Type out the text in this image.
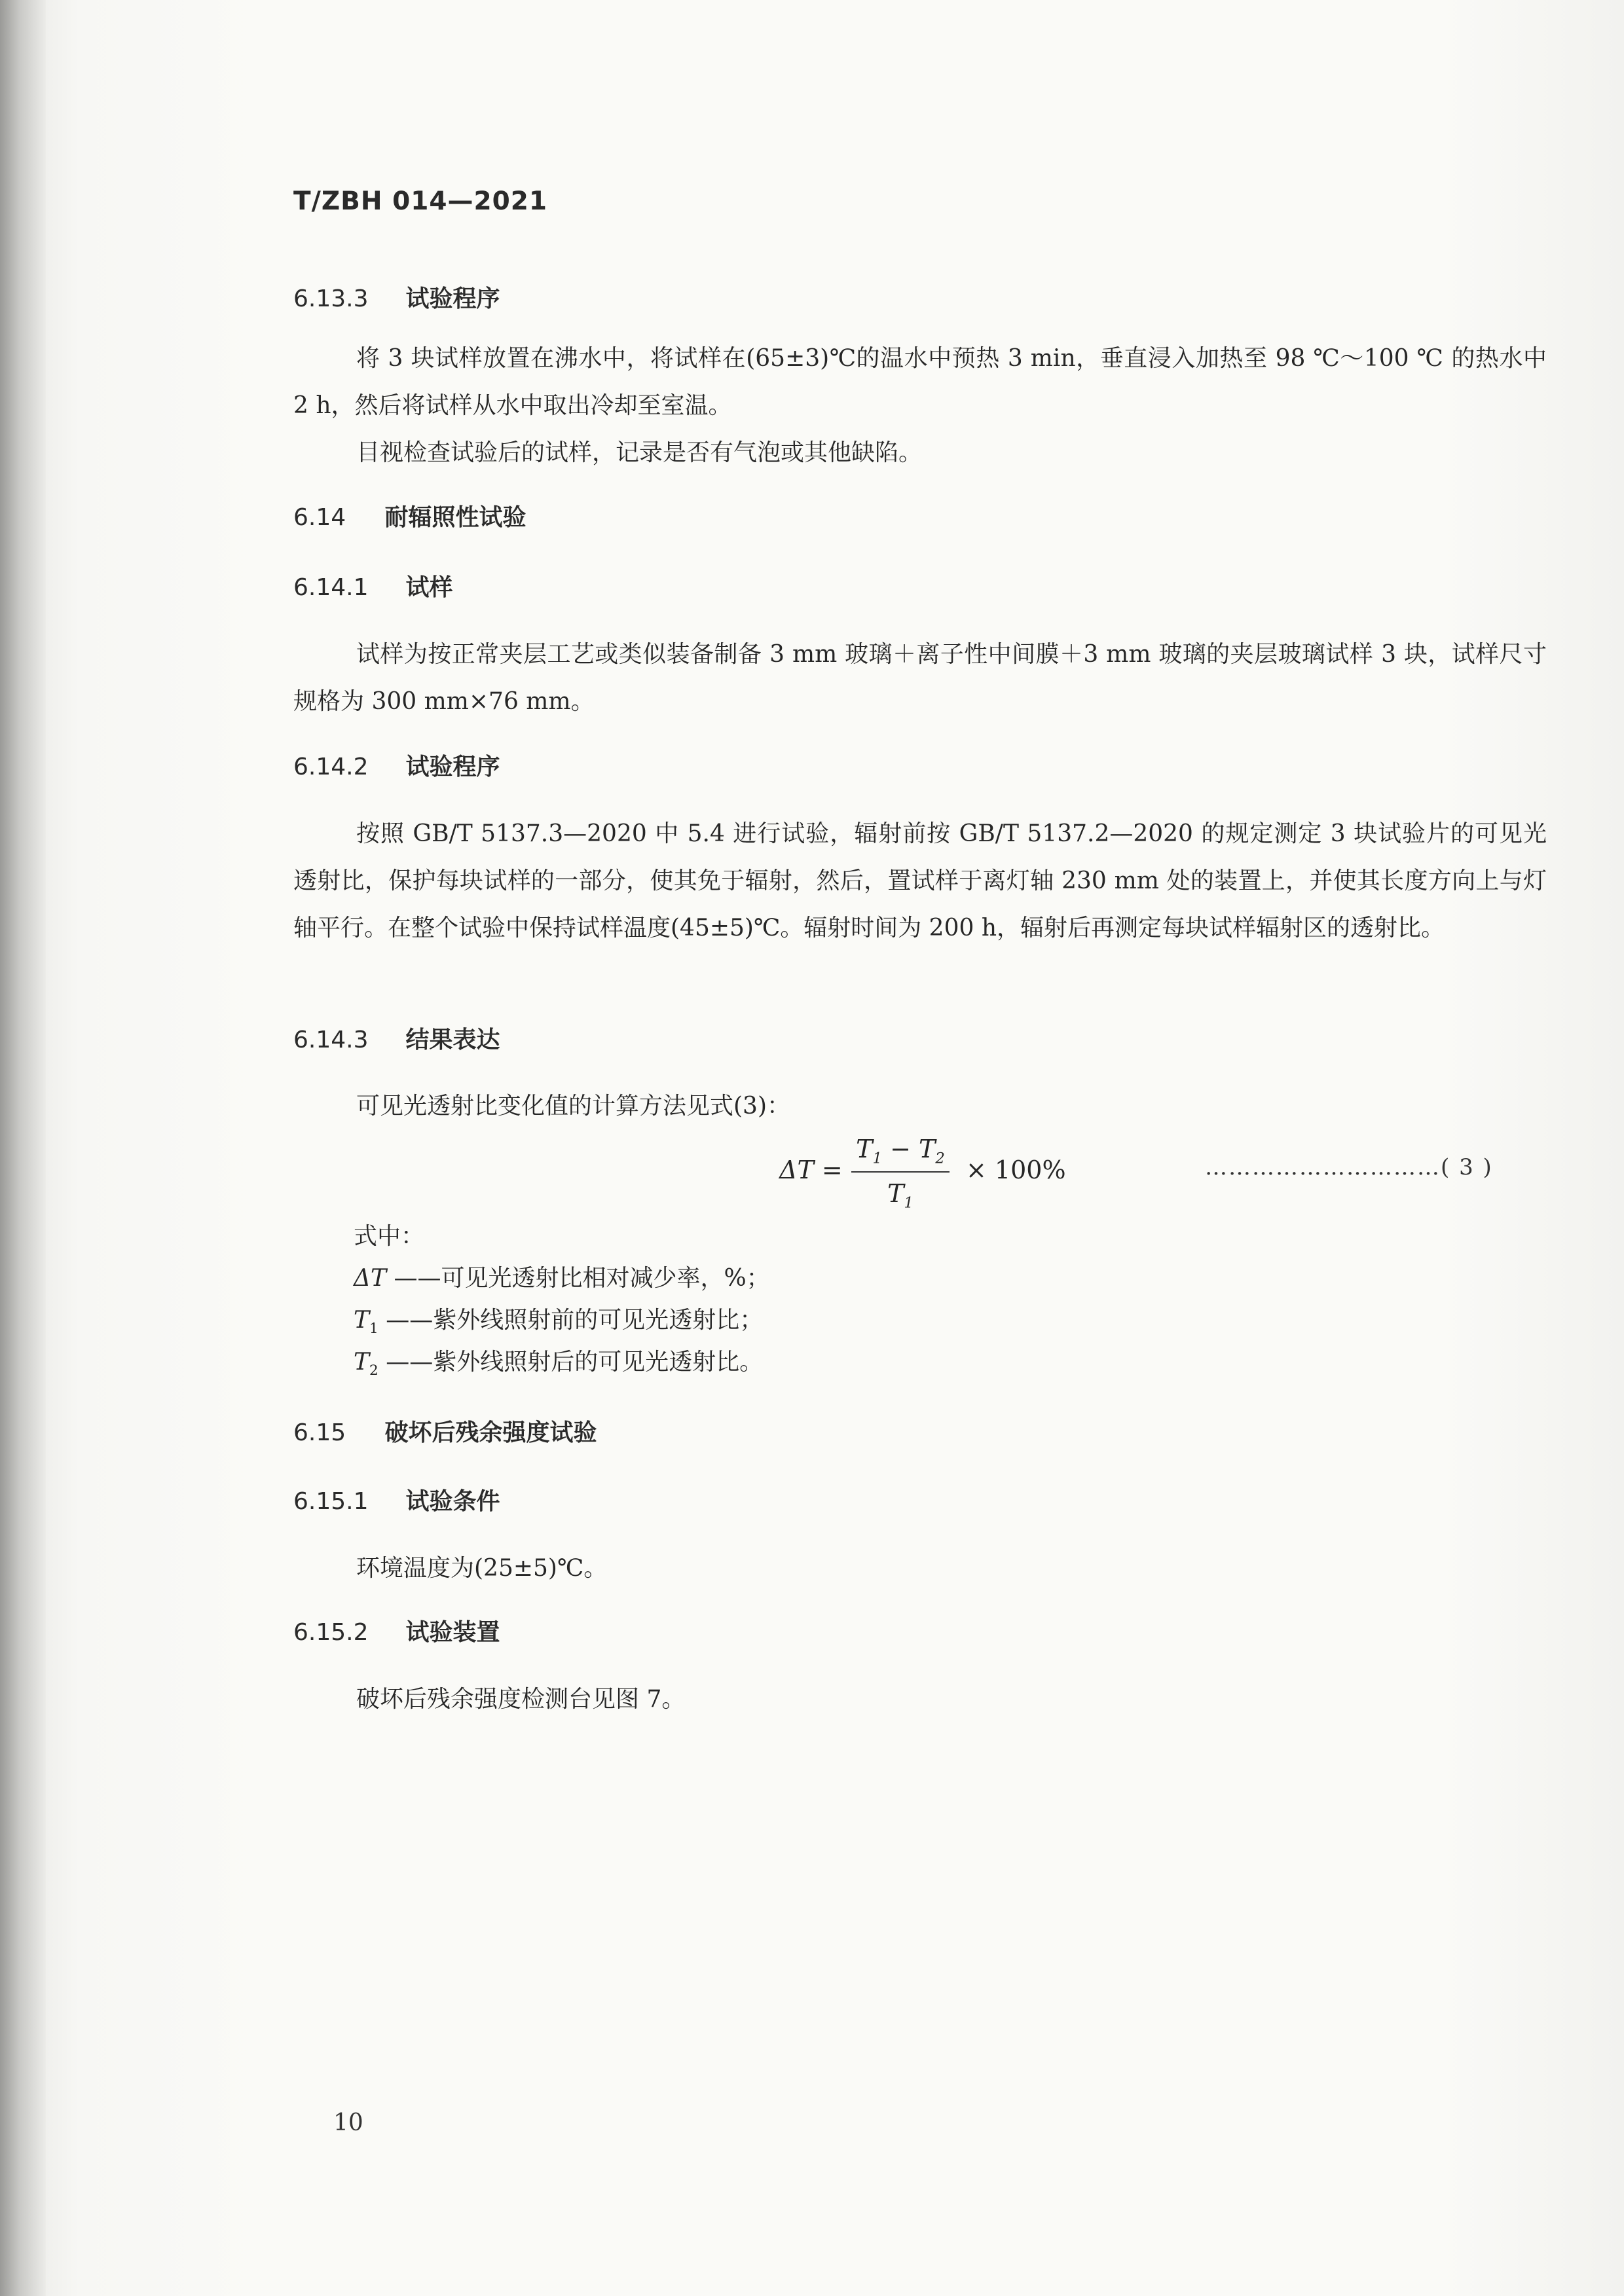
T/ZBH 014—2021
6.13.3 试验程序
将 3 块试样放置在沸水中，将试样在(65±3)℃的温水中预热 3 min，垂直浸入加热至 98 ℃～100 ℃ 的热水中 2 h，然后将试样从水中取出冷却至室温。
目视检查试验后的试样，记录是否有气泡或其他缺陷。
6.14 耐辐照性试验
6.14.1 试样
试样为按正常夹层工艺或类似装备制备 3 mm 玻璃＋离子性中间膜＋3 mm 玻璃的夹层玻璃试样 3 块，试样尺寸规格为 300 mm×76 mm。
6.14.2 试验程序
按照 GB/T 5137.3—2020 中 5.4 进行试验，辐射前按 GB/T 5137.2—2020 的规定测定 3 块试验片的可见光透射比，保护每块试样的一部分，使其免于辐射，然后，置试样于离灯轴 230 mm 处的装置上，并使其长度方向上与灯轴平行。在整个试验中保持试样温度(45±5)℃。辐射时间为 200 h，辐射后再测定每块试样辐射区的透射比。
6.14.3 结果表达
可见光透射比变化值的计算方法见式(3)：
ΔT =
$T_1 - T_2$
$T_1$
× 100%	…………………………( 3 )
式中：
ΔT ——可见光透射比相对减少率，%；
$T_1$ ——紫外线照射前的可见光透射比；
$T_2$ ——紫外线照射后的可见光透射比。
6.15 破坏后残余强度试验
6.15.1 试验条件
环境温度为(25±5)℃。
6.15.2 试验装置
破坏后残余强度检测台见图 7。
10
